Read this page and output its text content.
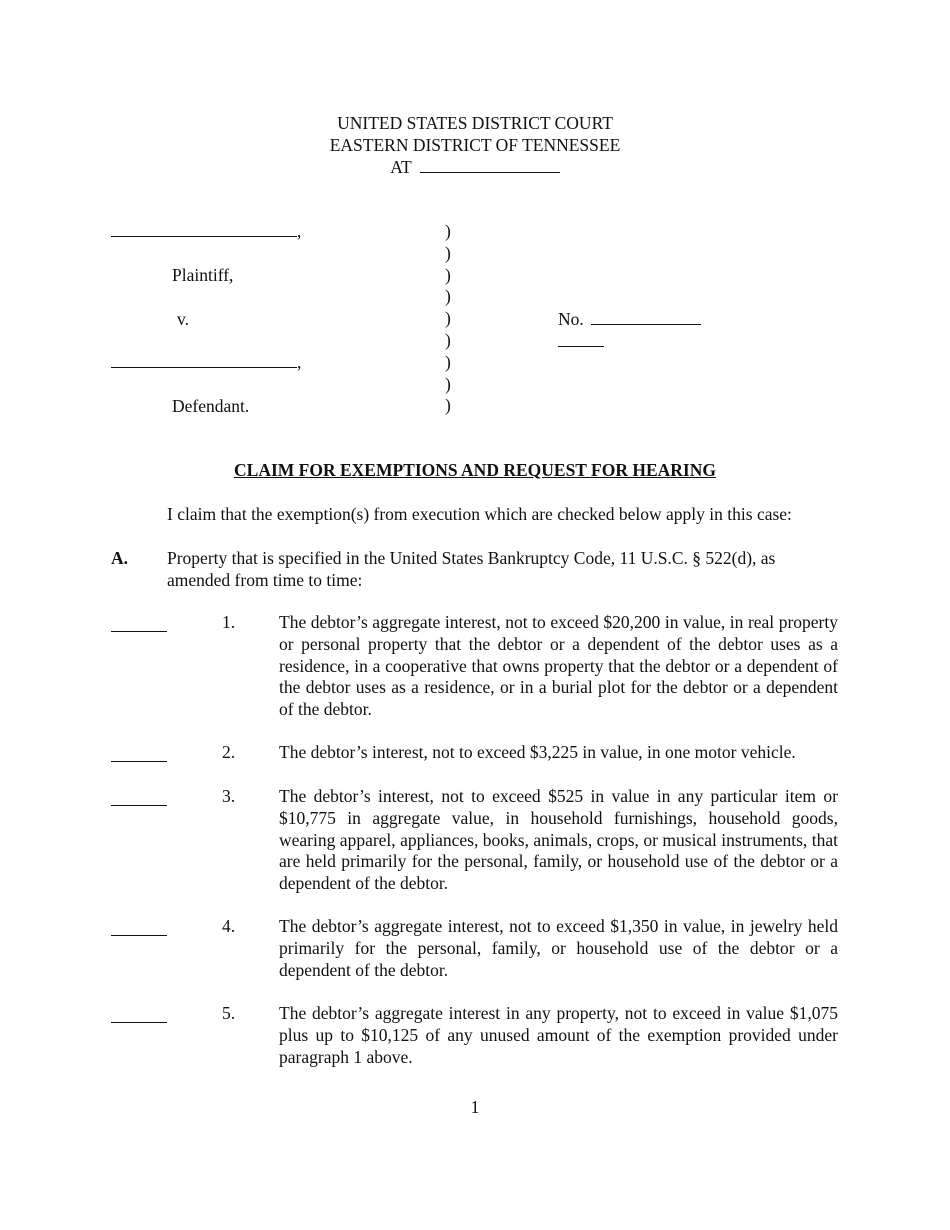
UNITED STATES DISTRICT COURT
EASTERN DISTRICT OF TENNESSEE
AT
,
Plaintiff,
v.
,
Defendant.
)
)
)
)
)
)
)
)
)
No.
CLAIM FOR EXEMPTIONS AND REQUEST FOR HEARING
I claim that the exemption(s) from execution which are checked below apply in this case:
A. Property that is specified in the United States Bankruptcy Code, 11 U.S.C. § 522(d), as
amended from time to time:
1.	The debtor’s aggregate interest, not to exceed $20,200 in value, in real property or personal property that the debtor or a dependent of the debtor uses as a residence, in a cooperative that owns property that the debtor or a dependent of the debtor uses as a residence, or in a burial plot for the debtor or a dependent of the debtor.
2.	The debtor’s interest, not to exceed $3,225 in value, in one motor vehicle.
3.	The debtor’s interest, not to exceed $525 in value in any particular item or $10,775 in aggregate value, in household furnishings, household goods, wearing apparel, appliances, books, animals, crops, or musical instruments, that are held primarily for the personal, family, or household use of the debtor or a dependent of the debtor.
4.	The debtor’s aggregate interest, not to exceed $1,350 in value, in jewelry held primarily for the personal, family, or household use of the debtor or a dependent of the debtor.
5.	The debtor’s aggregate interest in any property, not to exceed in value $1,075 plus up to $10,125 of any unused amount of the exemption provided under paragraph 1 above.
1
